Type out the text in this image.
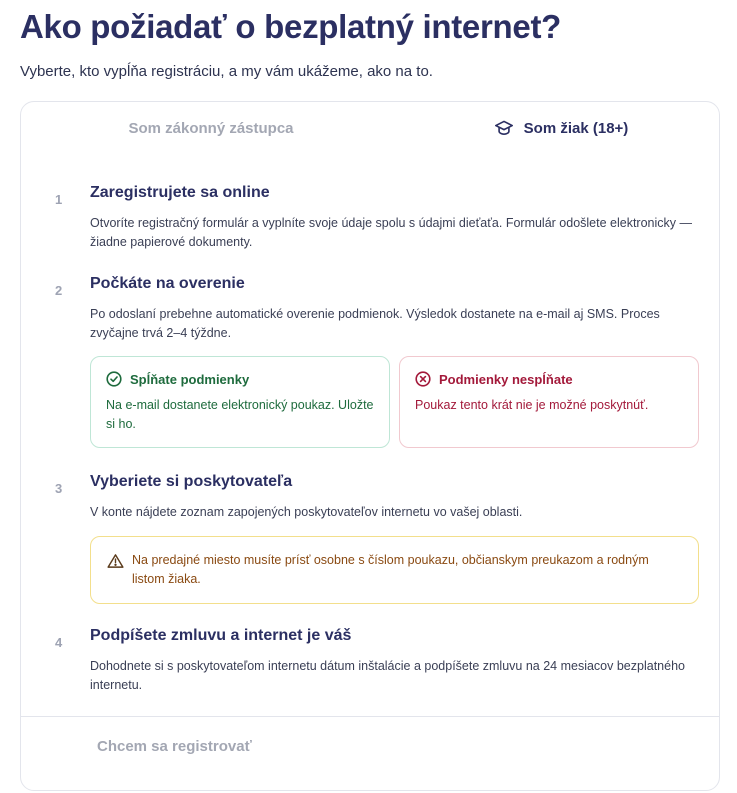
Ako požiadať o bezplatný internet?

Vyberte, kto vypĺňa registráciu, a my vám ukážeme, ako na to.

Som zákonný zástupca	Som žiak (18+)
1 Zaregistrujete sa online

Otvoríte registračný formulár a vyplníte svoje údaje spolu s údajmi dieťaťa. Formulár odošlete elektronicky — žiadne papierové dokumenty.

2 Počkáte na overenie

Po odoslaní prebehne automatické overenie podmienok. Výsledok dostanete na e-mail aj SMS. Proces zvyčajne trvá 2–4 týždne.

Spĺňate podmienky
Na e-mail dostanete elektronický poukaz. Uložte si ho.
Podmienky nespĺňate
Poukaz tento krát nie je možné poskytnúť.
3 Vyberiete si poskytovateľa

V konte nájdete zoznam zapojených poskytovateľov internetu vo vašej oblasti.

Na predajné miesto musíte prísť osobne s číslom poukazu, občianskym preukazom a rodným listom žiaka.
4 Podpíšete zmluvu a internet je váš

Dohodnete si s poskytovateľom internetu dátum inštalácie a podpíšete zmluvu na 24 mesiacov bezplatného internetu.

Chcem sa registrovať
